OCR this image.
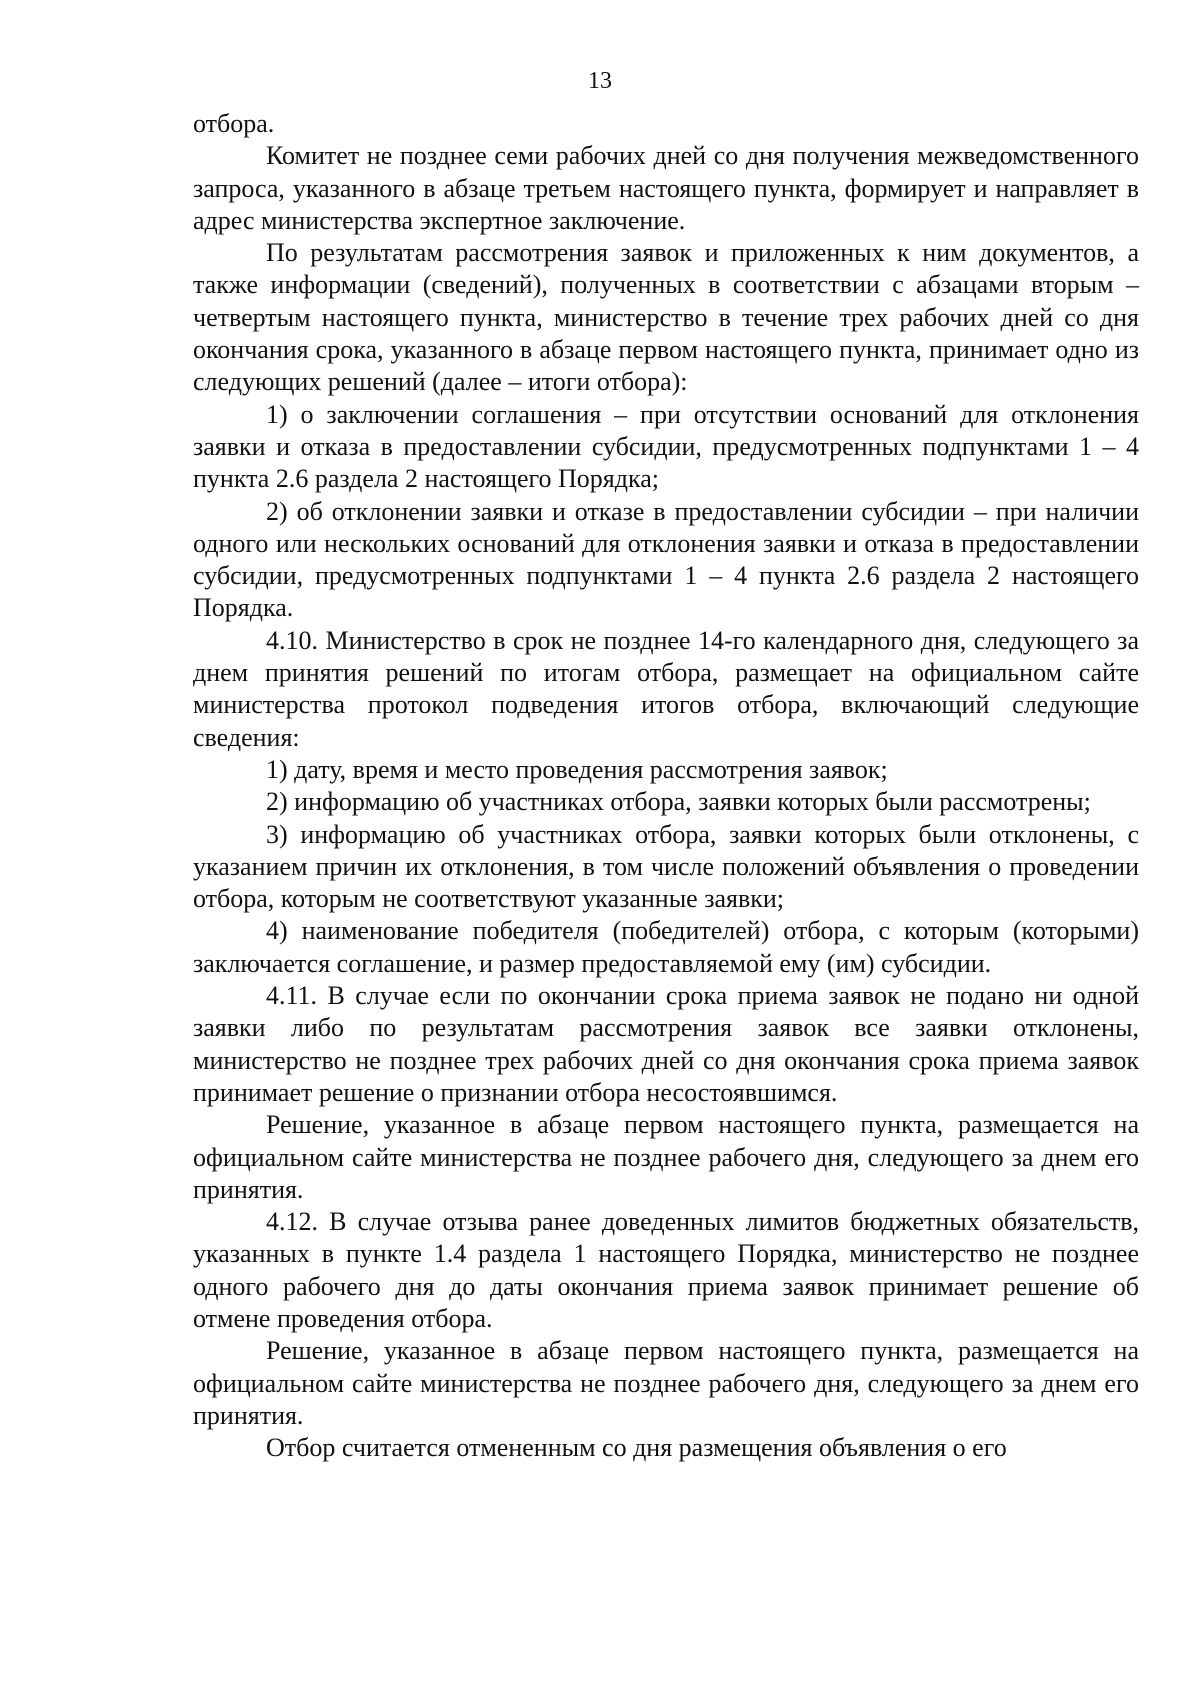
13

отбора.

Комитет не позднее семи рабочих дней со дня получения межведомственного запроса, указанного в абзаце третьем настоящего пункта, формирует и направляет в адрес министерства экспертное заключение.

По результатам рассмотрения заявок и приложенных к ним документов, а также информации (сведений), полученных в соответствии с абзацами вторым – четвертым настоящего пункта, министерство в течение трех рабочих дней со дня окончания срока, указанного в абзаце первом настоящего пункта, принимает одно из следующих решений (далее – итоги отбора):

1) о заключении соглашения – при отсутствии оснований для отклонения заявки и отказа в предоставлении субсидии, предусмотренных подпунктами 1 – 4 пункта 2.6 раздела 2 настоящего Порядка;

2) об отклонении заявки и отказе в предоставлении субсидии – при наличии одного или нескольких оснований для отклонения заявки и отказа в предоставлении субсидии, предусмотренных подпунктами 1 – 4 пункта 2.6 раздела 2 настоящего Порядка.

4.10. Министерство в срок не позднее 14-го календарного дня, следующего за днем принятия решений по итогам отбора, размещает на официальном сайте министерства протокол подведения итогов отбора, включающий следующие сведения:

1) дату, время и место проведения рассмотрения заявок;

2) информацию об участниках отбора, заявки которых были рассмотрены;

3) информацию об участниках отбора, заявки которых были отклонены, с указанием причин их отклонения, в том числе положений объявления о проведении отбора, которым не соответствуют указанные заявки;

4) наименование победителя (победителей) отбора, с которым (которыми) заключается соглашение, и размер предоставляемой ему (им) субсидии.

4.11. В случае если по окончании срока приема заявок не подано ни одной заявки либо по результатам рассмотрения заявок все заявки отклонены, министерство не позднее трех рабочих дней со дня окончания срока приема заявок принимает решение о признании отбора несостоявшимся.

Решение, указанное в абзаце первом настоящего пункта, размещается на официальном сайте министерства не позднее рабочего дня, следующего за днем его принятия.

4.12. В случае отзыва ранее доведенных лимитов бюджетных обязательств, указанных в пункте 1.4 раздела 1 настоящего Порядка, министерство не позднее одного рабочего дня до даты окончания приема заявок принимает решение об отмене проведения отбора.

Решение, указанное в абзаце первом настоящего пункта, размещается на официальном сайте министерства не позднее рабочего дня, следующего за днем его принятия.

Отбор считается отмененным со дня размещения объявления о его
